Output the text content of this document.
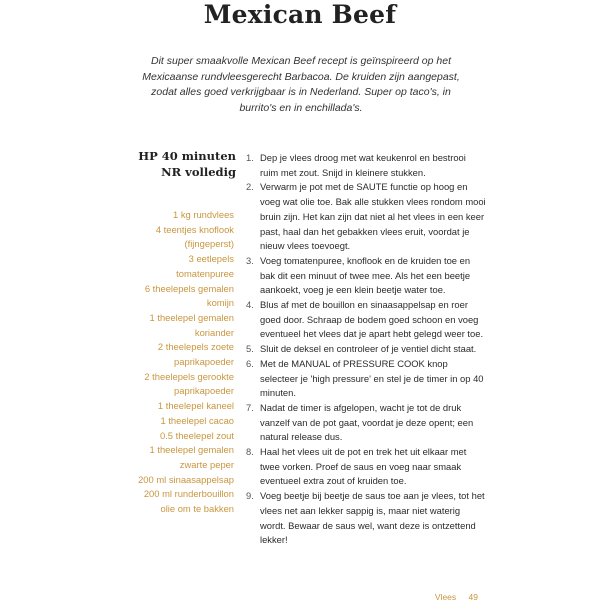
Mexican Beef

Dit super smaakvolle Mexican Beef recept is geïnspireerd op het Mexicaanse rundvleesgerecht Barbacoa. De kruiden zijn aangepast, zodat alles goed verkrijgbaar is in Nederland. Super op taco's, in burrito's en in enchillada's.

HP 40 minuten
NR volledig

1 kg rundvlees
4 teentjes knoflook
(fijngeperst)
3 eetlepels
tomatenpuree
6 theelepels gemalen
komijn
1 theelepel gemalen
koriander
2 theelepels zoete
paprikapoeder
2 theelepels gerookte
paprikapoeder
1 theelepel kaneel
1 theelepel cacao
0.5 theelepel zout
1 theelepel gemalen
zwarte peper
200 ml sinaasappelsap
200 ml runderbouillon
olie om te bakken
1. Dep je vlees droog met wat keukenrol en bestrooi ruim met zout. Snijd in kleinere stukken.
2. Verwarm je pot met de SAUTE functie op hoog en voeg wat olie toe. Bak alle stukken vlees rondom mooi bruin zijn. Het kan zijn dat niet al het vlees in een keer past, haal dan het gebakken vlees eruit, voordat je nieuw vlees toevoegt.
3. Voeg tomatenpuree, knoflook en de kruiden toe en bak dit een minuut of twee mee. Als het een beetje aankoekt, voeg je een klein beetje water toe.
4. Blus af met de bouillon en sinaasappelsap en roer goed door. Schraap de bodem goed schoon en voeg eventueel het vlees dat je apart hebt gelegd weer toe.
5. Sluit de deksel en controleer of je ventiel dicht staat.
6. Met de MANUAL of PRESSURE COOK knop selecteer je 'high pressure' en stel je de timer in op 40 minuten.
7. Nadat de timer is afgelopen, wacht je tot de druk vanzelf van de pot gaat, voordat je deze opent; een natural release dus.
8. Haal het vlees uit de pot en trek het uit elkaar met twee vorken. Proef de saus en voeg naar smaak eventueel extra zout of kruiden toe.
9. Voeg beetje bij beetje de saus toe aan je vlees, tot het vlees net aan lekker sappig is, maar niet waterig wordt. Bewaar de saus wel, want deze is ontzettend lekker!
Vlees 49
